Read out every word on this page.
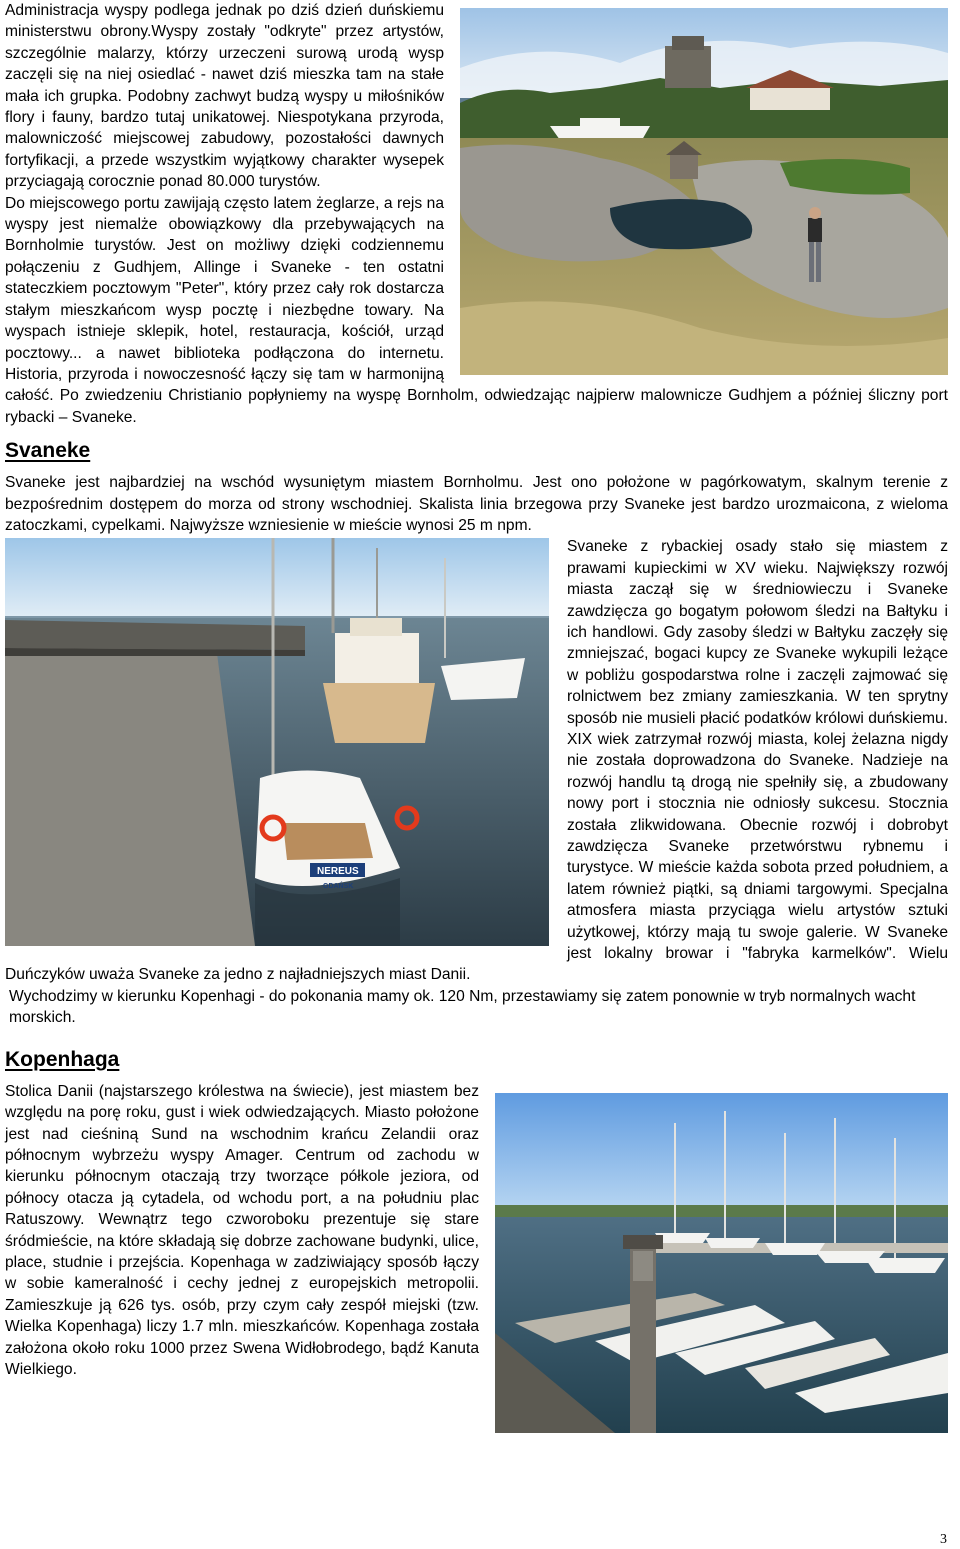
Administracja wyspy podlega jednak po dziś dzień duńskiemu ministerstwu obrony.Wyspy zostały "odkryte" przez artystów, szczególnie malarzy, którzy urzeczeni surową urodą wysp zaczęli się na niej osiedlać - nawet dziś mieszka tam na stałe mała ich grupka. Podobny zachwyt budzą wyspy u miłośników flory i fauny, bardzo tutaj unikatowej. Niespotykana przyroda, malowniczość miejscowej zabudowy, pozostałości dawnych fortyfikacji, a przede wszystkim wyjątkowy charakter wysepek przyciagają corocznie ponad 80.000 turystów.

Do miejscowego portu zawijają często latem żeglarze, a rejs na wyspy jest niemalże obowiązkowy dla przebywających na Bornholmie turystów. Jest on możliwy dzięki codziennemu połączeniu z Gudhjem, Allinge i Svaneke - ten ostatni stateczkiem pocztowym "Peter", który przez cały rok dostarcza stałym mieszkańcom wysp pocztę i niezbędne towary. Na wyspach istnieje sklepik, hotel, restauracja, kościół, urząd pocztowy... a nawet biblioteka podłączona do internetu. Historia, przyroda i nowoczesność łączy się tam w harmonijną całość. Po zwiedzeniu Christianio popłyniemy na wyspę Bornholm, odwiedzając najpierw malownicze Gudhjem a później śliczny port rybacki – Svaneke.

Svaneke

Svaneke jest najbardziej na wschód wysuniętym miastem Bornholmu. Jest ono położone w pagórkowatym, skalnym terenie z bezpośrednim dostępem do morza od strony wschodniej. Skalista linia brzegowa przy Svaneke jest bardzo urozmaicona, z wieloma zatoczkami, cypelkami. Najwyższe wzniesienie w mieście wynosi 25 m npm.

NEREUS
GDAŃSK

Svaneke z rybackiej osady stało się miastem z prawami kupieckimi w XV wieku. Największy rozwój miasta zaczął się w średniowieczu i Svaneke zawdzięcza go bogatym połowom śledzi na Bałtyku i ich handlowi. Gdy zasoby śledzi w Bałtyku zaczęły się zmniejszać, bogaci kupcy ze Svaneke wykupili leżące w pobliżu gospodarstwa rolne i zaczęli zajmować się rolnictwem bez zmiany zamieszkania. W ten sprytny sposób nie musieli płacić podatków królowi duńskiemu. XIX wiek zatrzymał rozwój miasta, kolej żelazna nigdy nie została doprowadzona do Svaneke. Nadzieje na rozwój handlu tą drogą nie spełniły się, a zbudowany nowy port i stocznia nie odniosły sukcesu. Stocznia została zlikwidowana. Obecnie rozwój i dobrobyt zawdzięcza Svaneke przetwórstwu rybnemu i turystyce. W mieście każda sobota przed południem, a latem również piątki, są dniami targowymi. Specjalna atmosfera miasta przyciąga wielu artystów sztuki użytkowej, którzy mają tu swoje galerie. W Svaneke jest lokalny browar i "fabryka karmelków". Wielu Duńczyków uważa Svaneke za jedno z najładniejszych miast Danii.

Wychodzimy w kierunku Kopenhagi - do pokonania mamy ok. 120 Nm, przestawiamy się zatem ponownie w tryb normalnych wacht morskich.

Kopenhaga

Stolica Danii (najstarszego królestwa na świecie), jest miastem bez względu na porę roku, gust i wiek odwiedzających. Miasto położone jest nad cieśniną Sund na wschodnim krańcu Zelandii oraz północnym wybrzeżu wyspy Amager. Centrum od zachodu w kierunku północnym otaczają trzy tworzące półkole jeziora, od północy otacza ją cytadela, od wchodu port, a na południu plac Ratuszowy. Wewnątrz tego czworoboku prezentuje się stare śródmieście, na które składają się dobrze zachowane budynki, ulice, place, studnie i przejścia. Kopenhaga w zadziwiający sposób łączy w sobie kameralność i cechy jednej z europejskich metropolii. Zamieszkuje ją 626 tys. osób, przy czym cały zespół miejski (tzw. Wielka Kopenhaga) liczy 1.7 mln. mieszkańców. Kopenhaga została założona około roku 1000 przez Swena Widłobrodego, bądź Kanuta Wielkiego.

3
